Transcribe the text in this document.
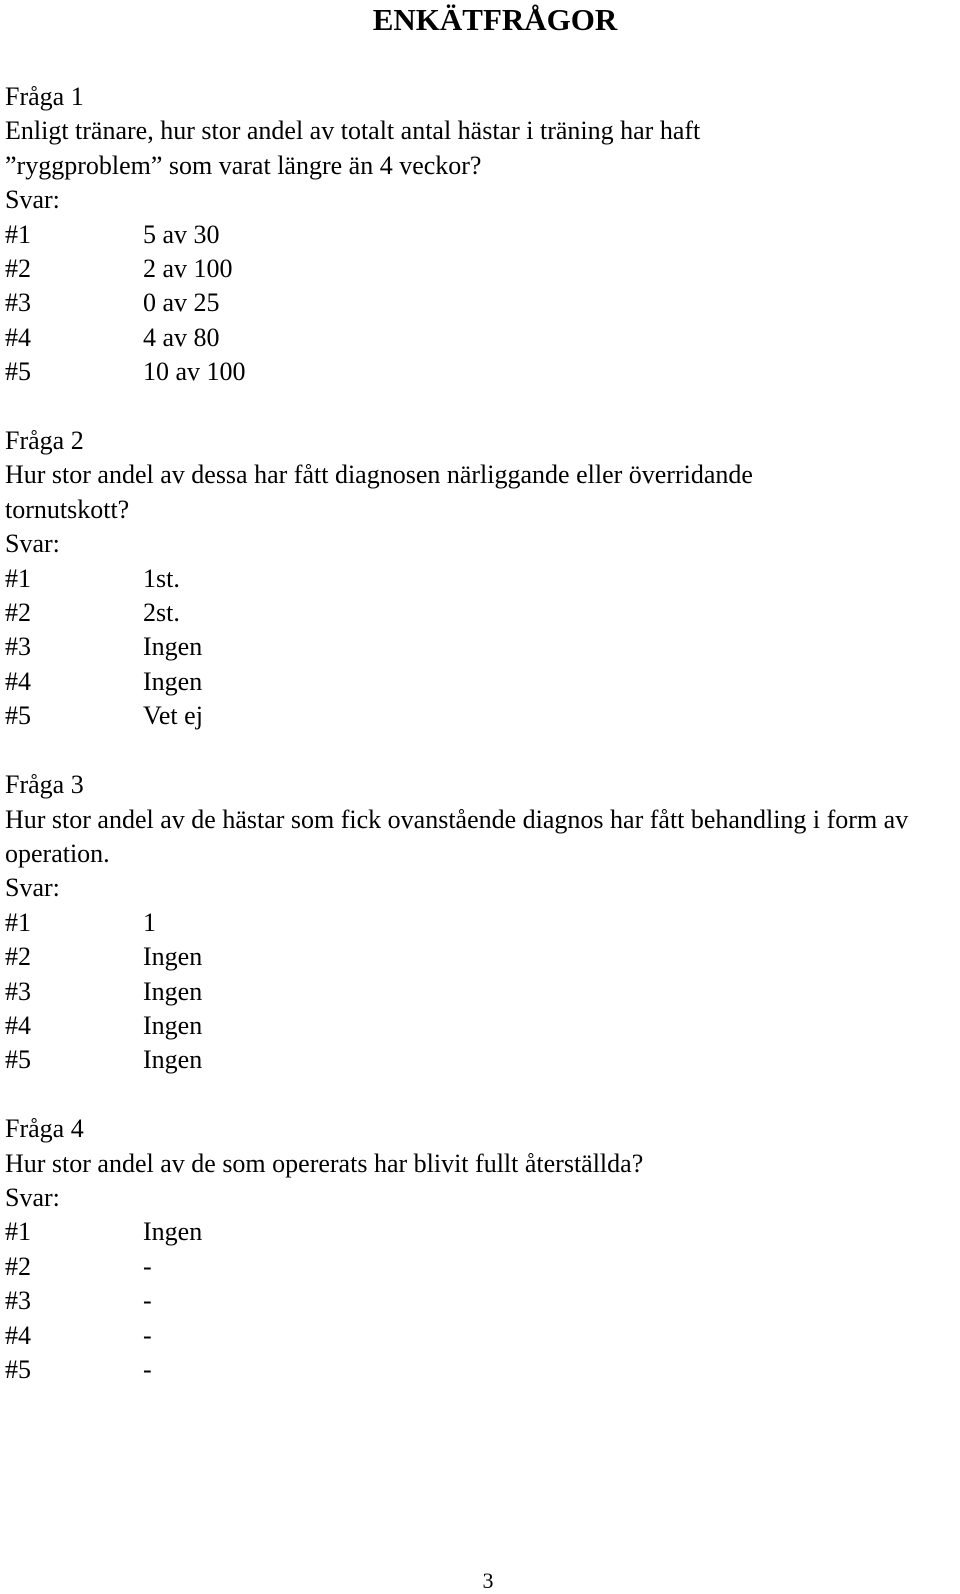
ENKÄTFRÅGOR

Fråga 1

Enligt tränare, hur stor andel av totalt antal hästar i träning har haft ”ryggproblem” som varat längre än 4 veckor?

Svar:

#1	5 av 30
#2	2 av 100
#3	0 av 25
#4	4 av 80
#5	10 av 100

Fråga 2

Hur stor andel av dessa har fått diagnosen närliggande eller överridande tornutskott?

Svar:

#1	1st.
#2	2st.
#3	Ingen
#4	Ingen
#5	Vet ej

Fråga 3

Hur stor andel av de hästar som fick ovanstående diagnos har fått behandling i form av operation.

Svar:

#1	1
#2	Ingen
#3	Ingen
#4	Ingen
#5	Ingen

Fråga 4

Hur stor andel av de som opererats har blivit fullt återställda?

Svar:

#1	Ingen
#2	-
#3	-
#4	-
#5	-
3
